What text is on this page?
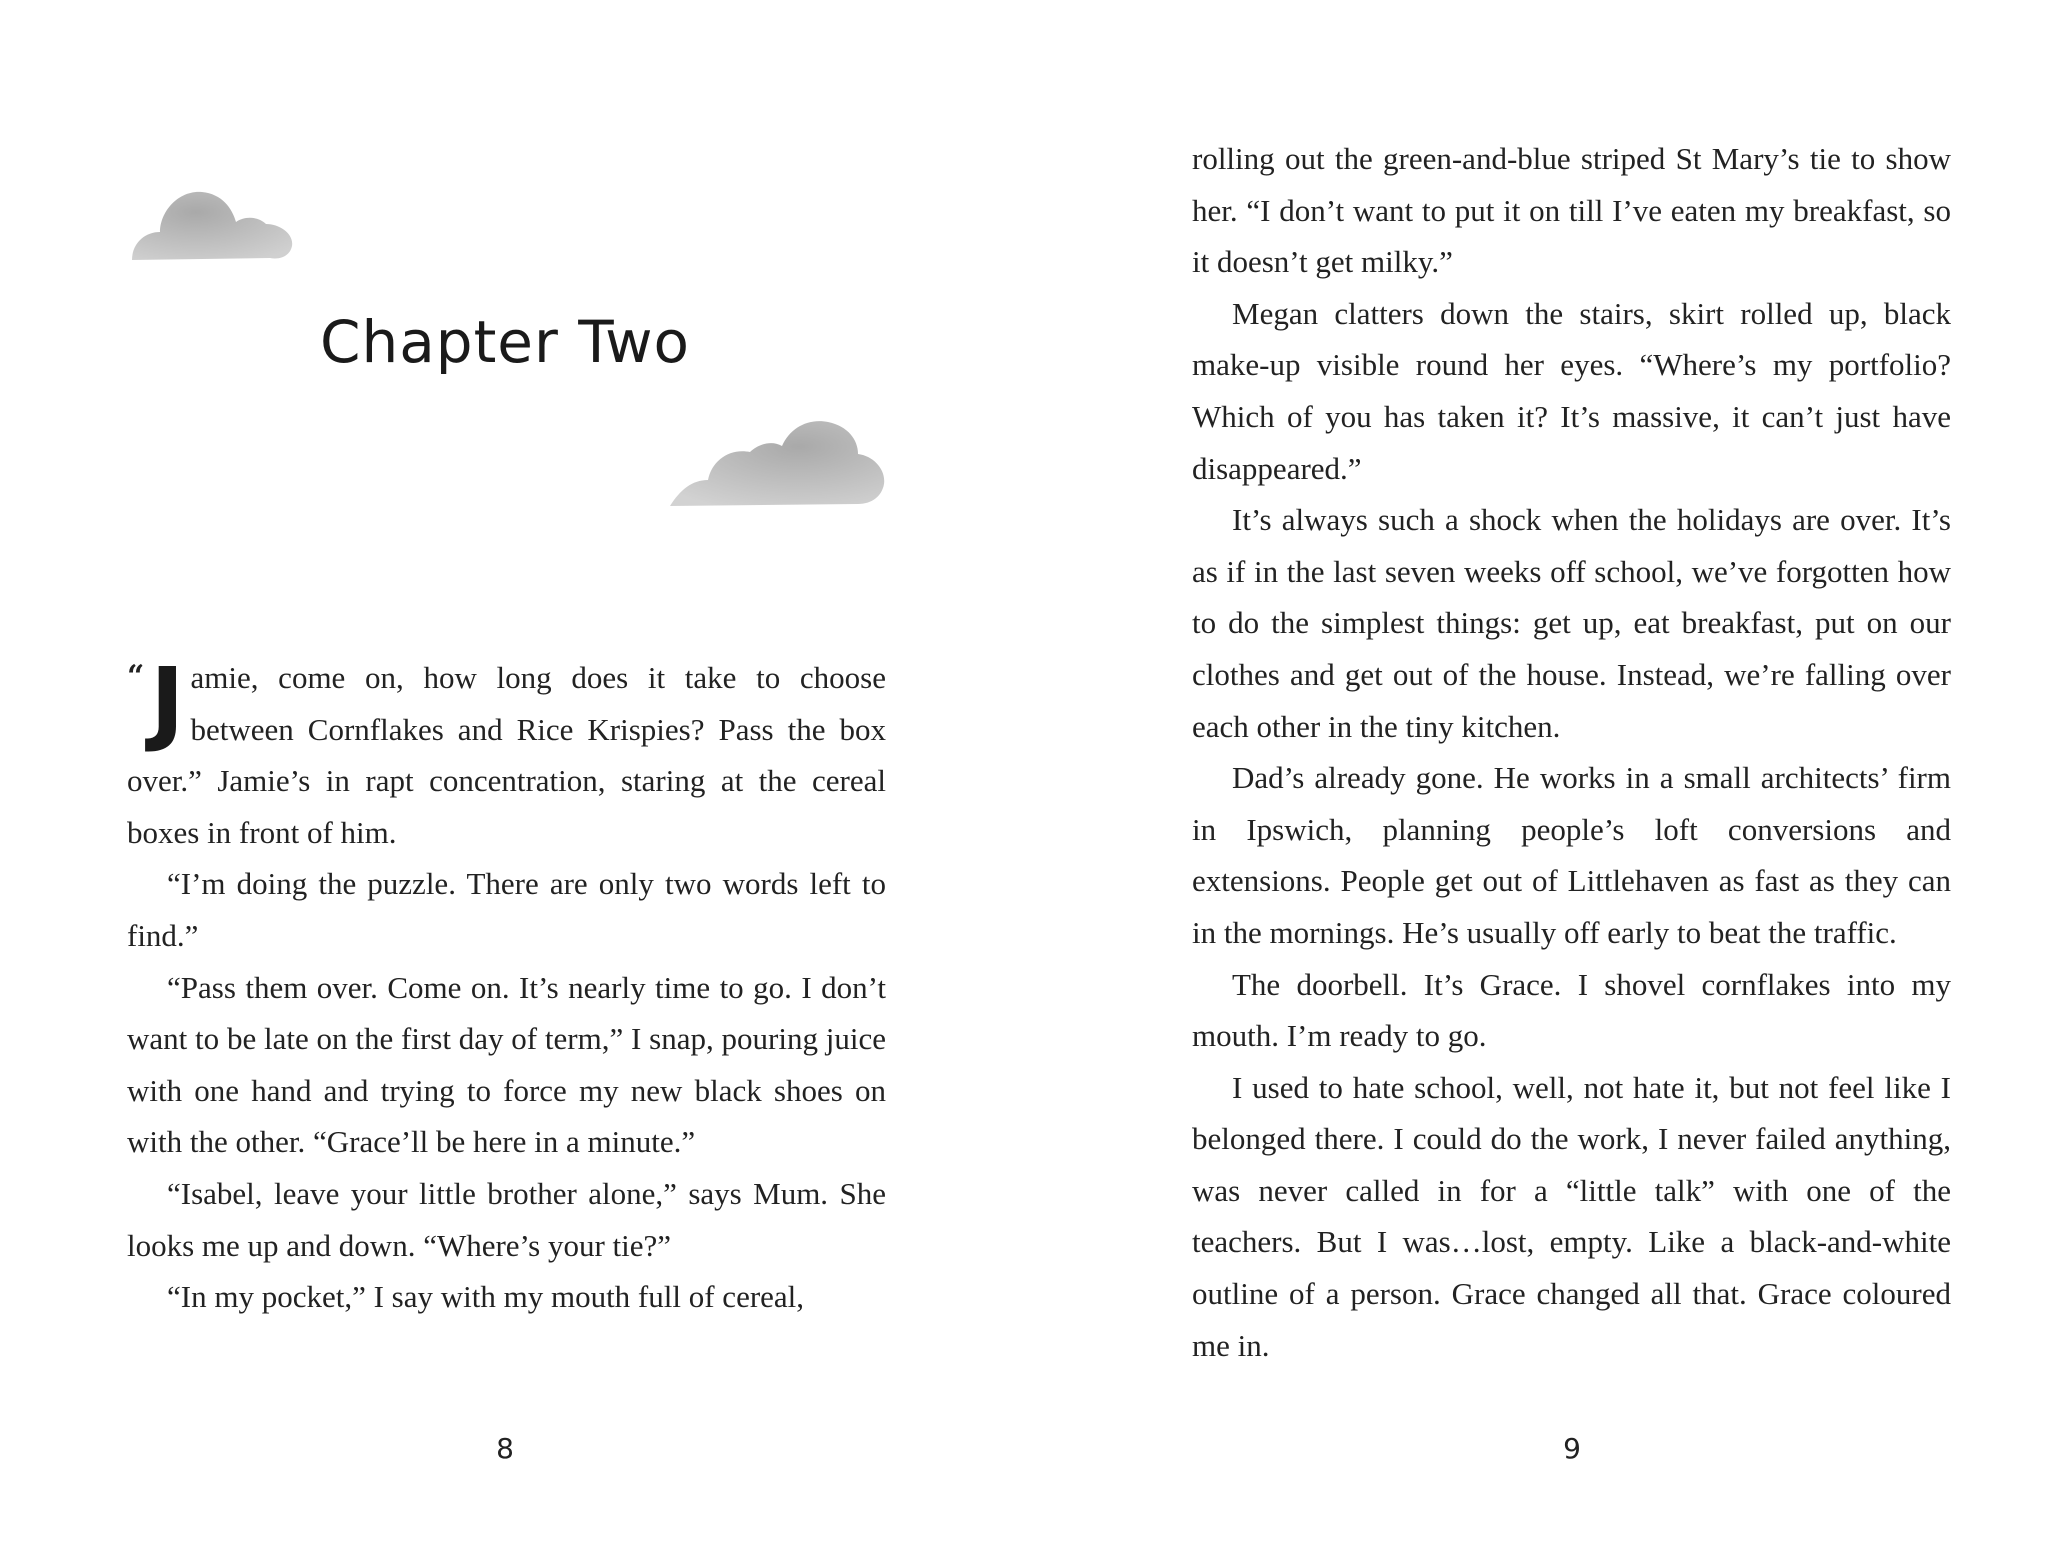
Chapter Two

“ J amie, come on, how long does it take to choose between Cornflakes and Rice Krispies? Pass the box over.” Jamie’s in rapt concentration, staring at the cereal boxes in front of him.

“I’m doing the puzzle. There are only two words left to find.”

“Pass them over. Come on. It’s nearly time to go. I don’t want to be late on the first day of term,” I snap, pouring juice with one hand and trying to force my new black shoes on with the other. “Grace’ll be here in a minute.”

“Isabel, leave your little brother alone,” says Mum. She looks me up and down. “Where’s your tie?”

“In my pocket,” I say with my mouth full of cereal,

8

rolling out the green-and-blue striped St Mary’s tie to show her. “I don’t want to put it on till I’ve eaten my breakfast, so it doesn’t get milky.”

Megan clatters down the stairs, skirt rolled up, black make-up visible round her eyes. “Where’s my portfolio? Which of you has taken it? It’s massive, it can’t just have disappeared.”

It’s always such a shock when the holidays are over. It’s as if in the last seven weeks off school, we’ve forgotten how to do the simplest things: get up, eat breakfast, put on our clothes and get out of the house. Instead, we’re falling over each other in the tiny kitchen.

Dad’s already gone. He works in a small architects’ firm in Ipswich, planning people’s loft conversions and extensions. People get out of Littlehaven as fast as they can in the mornings. He’s usually off early to beat the traffic.

The doorbell. It’s Grace. I shovel cornflakes into my mouth. I’m ready to go.

I used to hate school, well, not hate it, but not feel like I belonged there. I could do the work, I never failed anything, was never called in for a “little talk” with one of the teachers. But I was…lost, empty. Like a black-and-white outline of a person. Grace changed all that. Grace coloured me in.

9
